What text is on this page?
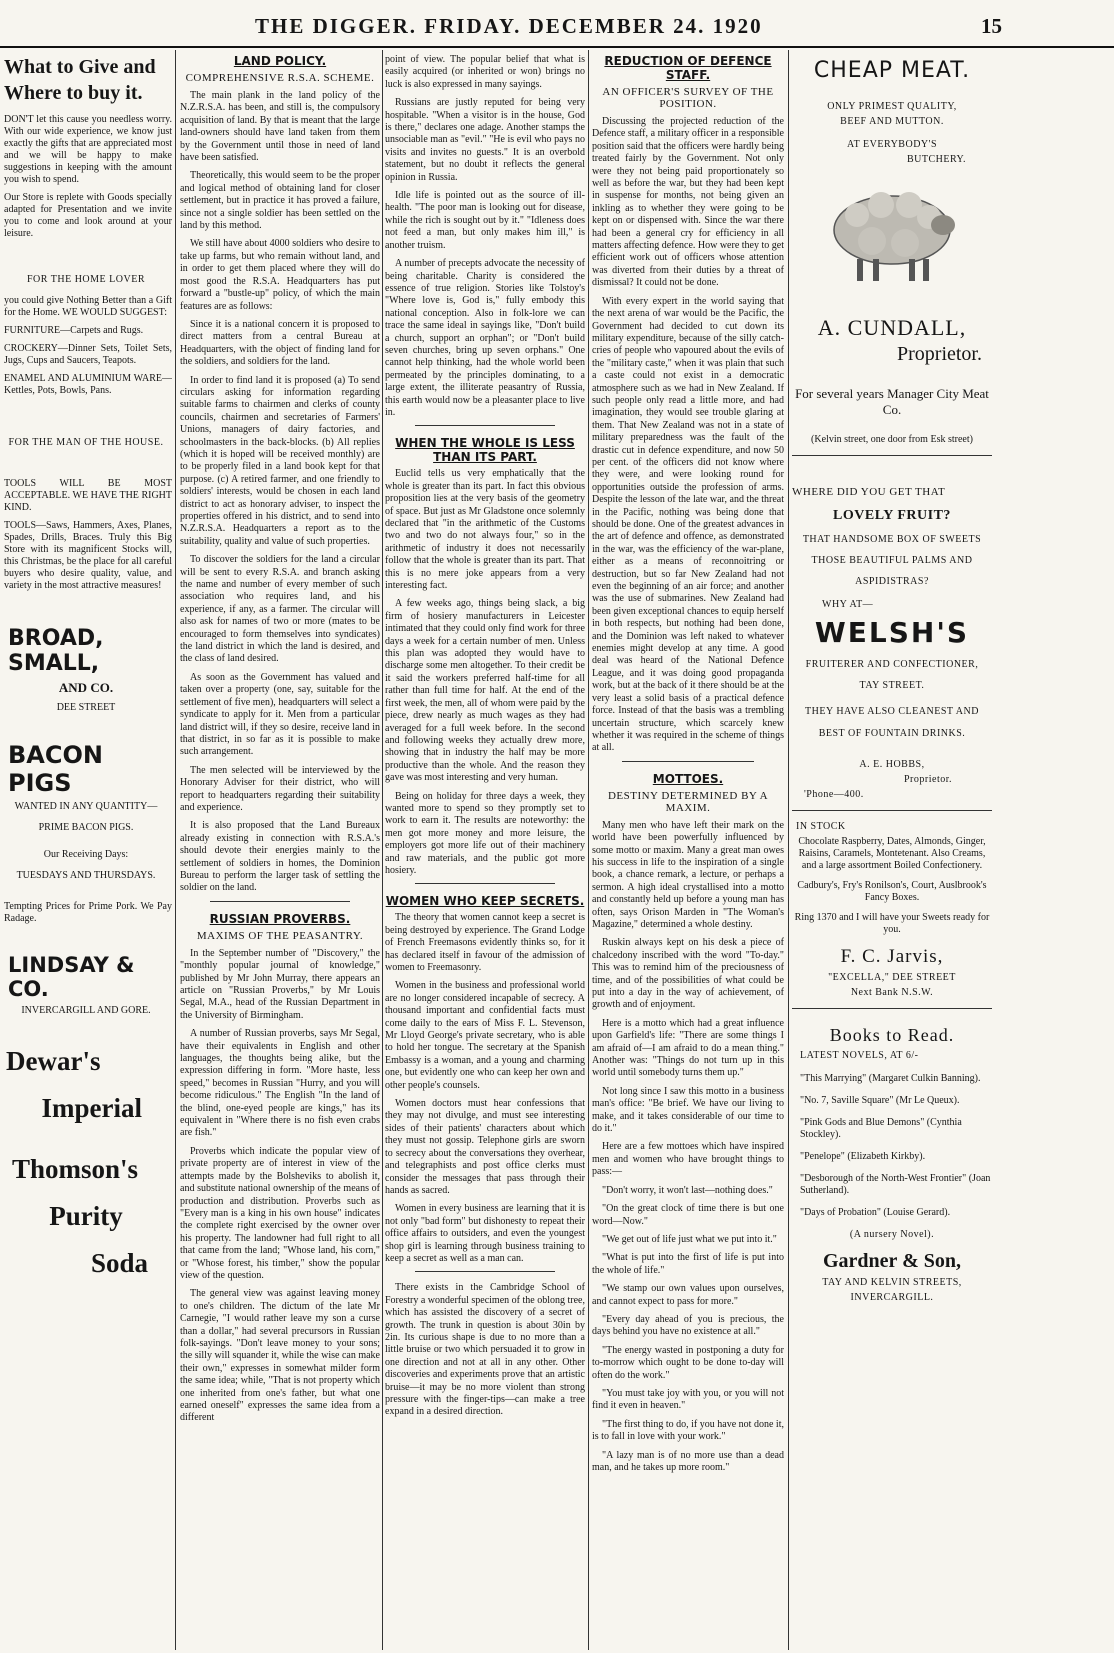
THE DIGGER. FRIDAY. DECEMBER 24. 1920	15
What to Give and Where to buy it.
DON'T let this cause you needless worry. With our wide experience, we know just exactly the gifts that are appreciated most and we will be happy to make suggestions in keeping with the amount you wish to spend.
Our Store is replete with Goods specially adapted for Presentation and we invite you to come and look around at your leisure.
FOR THE HOME LOVER
you could give Nothing Better than a Gift for the Home. WE WOULD SUGGEST:
FURNITURE—Carpets and Rugs.
CROCKERY—Dinner Sets, Toilet Sets, Jugs, Cups and Saucers, Teapots.
ENAMEL AND ALUMINIUM WARE—Kettles, Pots, Bowls, Pans.
FOR THE MAN OF THE HOUSE.
TOOLS WILL BE MOST ACCEPTABLE. WE HAVE THE RIGHT KIND.
TOOLS—Saws, Hammers, Axes, Planes, Spades, Drills, Braces. Truly this Big Store with its magnificent Stocks will, this Christmas, be the place for all careful buyers who desire quality, value, and variety in the most attractive measures!
BROAD, SMALL,
AND CO.
DEE STREET
BACON PIGS
WANTED IN ANY QUANTITY—
PRIME BACON PIGS.
Our Receiving Days:
TUESDAYS AND THURSDAYS.
Tempting Prices for Prime Pork. We Pay Radage.
LINDSAY & CO.
INVERCARGILL AND GORE.
Dewar's
Imperial
Thomson's
Purity
Soda
LAND POLICY.
COMPREHENSIVE R.S.A. SCHEME.

The main plank in the land policy of the N.Z.R.S.A. has been, and still is, the compulsory acquisition of land. By that is meant that the large land-owners should have land taken from them by the Government until those in need of land have been satisfied.

Theoretically, this would seem to be the proper and logical method of obtaining land for closer settlement, but in practice it has proved a failure, since not a single soldier has been settled on the land by this method.

We still have about 4000 soldiers who desire to take up farms, but who remain without land, and in order to get them placed where they will do most good the R.S.A. Headquarters has put forward a "bustle-up" policy, of which the main features are as follows:

Since it is a national concern it is proposed to direct matters from a central Bureau at Headquarters, with the object of finding land for the soldiers, and soldiers for the land.

In order to find land it is proposed (a) To send circulars asking for information regarding suitable farms to chairmen and clerks of county councils, chairmen and secretaries of Farmers' Unions, managers of dairy factories, and schoolmasters in the back-blocks. (b) All replies (which it is hoped will be received monthly) are to be properly filed in a land book kept for that purpose. (c) A retired farmer, and one friendly to soldiers' interests, would be chosen in each land district to act as honorary adviser, to inspect the properties offered in his district, and to send into N.Z.R.S.A. Headquarters a report as to the suitability, quality and value of such properties.

To discover the soldiers for the land a circular will be sent to every R.S.A. and branch asking the name and number of every member of such association who requires land, and his experience, if any, as a farmer. The circular will also ask for names of two or more (mates to be encouraged to form themselves into syndicates) the land district in which the land is desired, and the class of land desired.

As soon as the Government has valued and taken over a property (one, say, suitable for the settlement of five men), headquarters will select a syndicate to apply for it. Men from a particular land district will, if they so desire, receive land in that district, in so far as it is possible to make such arrangement.

The men selected will be interviewed by the Honorary Adviser for their district, who will report to headquarters regarding their suitability and experience.

It is also proposed that the Land Bureaux already existing in connection with R.S.A.'s should devote their energies mainly to the settlement of soldiers in homes, the Dominion Bureau to perform the larger task of settling the soldier on the land.

RUSSIAN PROVERBS.
MAXIMS OF THE PEASANTRY.

In the September number of "Discovery," the "monthly popular journal of knowledge," published by Mr John Murray, there appears an article on "Russian Proverbs," by Mr Louis Segal, M.A., head of the Russian Department in the University of Birmingham.

A number of Russian proverbs, says Mr Segal, have their equivalents in English and other languages, the thoughts being alike, but the expression differing in form. "More haste, less speed," becomes in Russian "Hurry, and you will become ridiculous." The English "In the land of the blind, one-eyed people are kings," has its equivalent in "Where there is no fish even crabs are fish."

Proverbs which indicate the popular view of private property are of interest in view of the attempts made by the Bolsheviks to abolish it, and substitute national ownership of the means of production and distribution. Proverbs such as "Every man is a king in his own house" indicates the complete right exercised by the owner over his property. The landowner had full right to all that came from the land; "Whose land, his corn," or "Whose forest, his timber," show the popular view of the question.

The general view was against leaving money to one's children. The dictum of the late Mr Carnegie, "I would rather leave my son a curse than a dollar," had several precursors in Russian folk-sayings. "Don't leave money to your sons; the silly will squander it, while the wise can make their own," expresses in somewhat milder form the same idea; while, "That is not property which one inherited from one's father, but what one earned oneself" expresses the same idea from a different

point of view. The popular belief that what is easily acquired (or inherited or won) brings no luck is also expressed in many sayings.

Russians are justly reputed for being very hospitable. "When a visitor is in the house, God is there," declares one adage. Another stamps the unsociable man as "evil." "He is evil who pays no visits and invites no guests." It is an overbold statement, but no doubt it reflects the general opinion in Russia.

Idle life is pointed out as the source of ill-health. "The poor man is looking out for disease, while the rich is sought out by it." "Idleness does not feed a man, but only makes him ill," is another truism.

A number of precepts advocate the necessity of being charitable. Charity is considered the essence of true religion. Stories like Tolstoy's "Where love is, God is," fully embody this national conception. Also in folk-lore we can trace the same ideal in sayings like, "Don't build a church, support an orphan"; or "Don't build seven churches, bring up seven orphans." One cannot help thinking, had the whole world been permeated by the principles dominating, to a large extent, the illiterate peasantry of Russia, this earth would now be a pleasanter place to live in.

WHEN THE WHOLE IS LESS THAN ITS PART.

Euclid tells us very emphatically that the whole is greater than its part. In fact this obvious proposition lies at the very basis of the geometry of space. But just as Mr Gladstone once solemnly declared that "in the arithmetic of the Customs two and two do not always four," so in the arithmetic of industry it does not necessarily follow that the whole is greater than its part. That this is no mere joke appears from a very interesting fact.

A few weeks ago, things being slack, a big firm of hosiery manufacturers in Leicester intimated that they could only find work for three days a week for a certain number of men. Unless this plan was adopted they would have to discharge some men altogether. To their credit be it said the workers preferred half-time for all rather than full time for half. At the end of the first week, the men, all of whom were paid by the piece, drew nearly as much wages as they had averaged for a full week before. In the second and following weeks they actually drew more, showing that in industry the half may be more productive than the whole. And the reason they gave was most interesting and very human.

Being on holiday for three days a week, they wanted more to spend so they promptly set to work to earn it. The results are noteworthy: the men got more money and more leisure, the employers got more life out of their machinery and raw materials, and the public got more hosiery.

WOMEN WHO KEEP SECRETS.

The theory that women cannot keep a secret is being destroyed by experience. The Grand Lodge of French Freemasons evidently thinks so, for it has declared itself in favour of the admission of women to Freemasonry.

Women in the business and professional world are no longer considered incapable of secrecy. A thousand important and confidential facts must come daily to the ears of Miss F. L. Stevenson, Mr Lloyd George's private secretary, who is able to hold her tongue. The secretary at the Spanish Embassy is a woman, and a young and charming one, but evidently one who can keep her own and other people's counsels.

Women doctors must hear confessions that they may not divulge, and must see interesting sides of their patients' characters about which they must not gossip. Telephone girls are sworn to secrecy about the conversations they overhear, and telegraphists and post office clerks must consider the messages that pass through their hands as sacred.

Women in every business are learning that it is not only "bad form" but dishonesty to repeat their office affairs to outsiders, and even the youngest shop girl is learning through business training to keep a secret as well as a man can.

There exists in the Cambridge School of Forestry a wonderful specimen of the oblong tree, which has assisted the discovery of a secret of growth. The trunk in question is about 30in by 2in. Its curious shape is due to no more than a little bruise or two which persuaded it to grow in one direction and not at all in any other. Other discoveries and experiments prove that an artistic bruise—it may be no more violent than strong pressure with the finger-tips—can make a tree expand in a desired direction.

REDUCTION OF DEFENCE STAFF.
AN OFFICER'S SURVEY OF THE POSITION.

Discussing the projected reduction of the Defence staff, a military officer in a responsible position said that the officers were hardly being treated fairly by the Government. Not only were they not being paid proportionately so well as before the war, but they had been kept in suspense for months, not being given an inkling as to whether they were going to be kept on or dispensed with. Since the war there had been a general cry for efficiency in all matters affecting defence. How were they to get efficient work out of officers whose attention was diverted from their duties by a threat of dismissal? It could not be done.

With every expert in the world saying that the next arena of war would be the Pacific, the Government had decided to cut down its military expenditure, because of the silly catch-cries of people who vapoured about the evils of the "military caste," when it was plain that such a caste could not exist in a democratic atmosphere such as we had in New Zealand. If such people only read a little more, and had imagination, they would see trouble glaring at them. That New Zealand was not in a state of military preparedness was the fault of the drastic cut in defence expenditure, and now 50 per cent. of the officers did not know where they were, and were looking round for opportunities outside the profession of arms. Despite the lesson of the late war, and the threat in the Pacific, nothing was being done that should be done. One of the greatest advances in the art of defence and offence, as demonstrated in the war, was the efficiency of the war-plane, either as a means of reconnoitring or destruction, but so far New Zealand had not even the beginning of an air force; and another was the use of submarines. New Zealand had been given exceptional chances to equip herself in both respects, but nothing had been done, and the Dominion was left naked to whatever enemies might develop at any time. A good deal was heard of the National Defence League, and it was doing good propaganda work, but at the back of it there should be at the very least a solid basis of a practical defence force. Instead of that the basis was a trembling uncertain structure, which scarcely knew whether it was required in the scheme of things at all.

MOTTOES.
DESTINY DETERMINED BY A MAXIM.

Many men who have left their mark on the world have been powerfully influenced by some motto or maxim. Many a great man owes his success in life to the inspiration of a single book, a chance remark, a lecture, or perhaps a sermon. A high ideal crystallised into a motto and constantly held up before a young man has often, says Orison Marden in "The Woman's Magazine," determined a whole destiny.

Ruskin always kept on his desk a piece of chalcedony inscribed with the word "To-day." This was to remind him of the preciousness of time, and of the possibilities of what could be put into a day in the way of achievement, of growth and of enjoyment.

Here is a motto which had a great influence upon Garfield's life: "There are some things I am afraid of—I am afraid to do a mean thing." Another was: "Things do not turn up in this world until somebody turns them up."

Not long since I saw this motto in a business man's office: "Be brief. We have our living to make, and it takes considerable of our time to do it."

Here are a few mottoes which have inspired men and women who have brought things to pass:—

"Don't worry, it won't last—nothing does."

"On the great clock of time there is but one word—Now."

"We get out of life just what we put into it."

"What is put into the first of life is put into the whole of life."

"We stamp our own values upon ourselves, and cannot expect to pass for more."

"Every day ahead of you is precious, the days behind you have no existence at all."

"The energy wasted in postponing a duty for to-morrow which ought to be done to-day will often do the work."

"You must take joy with you, or you will not find it even in heaven."

"The first thing to do, if you have not done it, is to fall in love with your work."

"A lazy man is of no more use than a dead man, and he takes up more room."

CHEAP MEAT.
ONLY PRIMEST QUALITY,
BEEF AND MUTTON.
AT EVERYBODY'S
BUTCHERY.
A. CUNDALL,
Proprietor.
For several years Manager City Meat Co.
(Kelvin street, one door from Esk street)
WHERE DID YOU GET THAT
LOVELY FRUIT?
THAT HANDSOME BOX OF SWEETS
THOSE BEAUTIFUL PALMS AND
ASPIDISTRAS?
WHY AT—
WELSH'S
FRUITERER AND CONFECTIONER,
TAY STREET.
THEY HAVE ALSO CLEANEST AND BEST OF FOUNTAIN DRINKS.
A. E. HOBBS,
Proprietor.
'Phone—400.
IN STOCK
Chocolate Raspberry, Dates, Almonds, Ginger, Raisins, Caramels, Montetenant. Also Creams, and a large assortment Boiled Confectionery.
Cadbury's, Fry's Ronilson's, Court, Auslbrook's Fancy Boxes.
Ring 1370 and I will have your Sweets ready for you.
F. C. Jarvis,
"EXCELLA," DEE STREET
Next Bank N.S.W.
Books to Read.
LATEST NOVELS, AT 6/-
"This Marrying" (Margaret Culkin Banning).
"No. 7, Saville Square" (Mr Le Queux).
"Pink Gods and Blue Demons" (Cynthia Stockley).
"Penelope" (Elizabeth Kirkby).
"Desborough of the North-West Frontier" (Joan Sutherland).
"Days of Probation" (Louise Gerard).
(A nursery Novel).
Gardner & Son,
TAY AND KELVIN STREETS,
INVERCARGILL.
